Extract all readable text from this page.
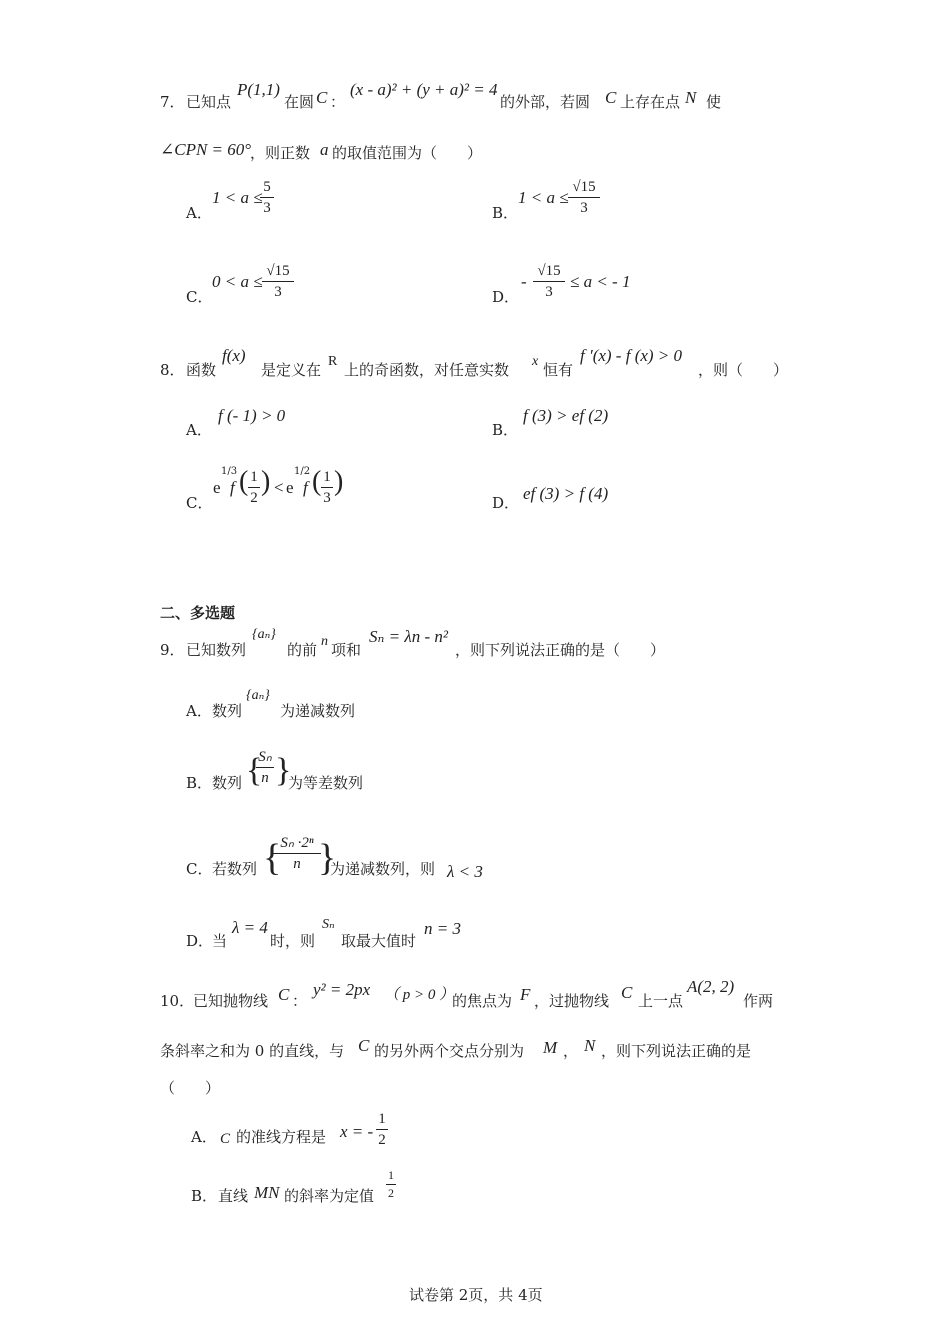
7． 已知点
P(1,1)
在圆 C ：
(x - a)² + (y + a)² = 4
的外部，若圆 C 上存在点 N 使
∠CPN = 60°
，则正数 a 的取值范围为（　　）
A．
1 < a ≤
5
3	B．
1 < a ≤
√15
3
C．
0 < a ≤
√15
3	D．
-
√15
3
≤ a < - 1
8． 函数
f(x)
是定义在 R 上的奇函数，对任意实数 x 恒有
f ′(x) - f (x) > 0
，则（　　）
A．
f (- 1) > 0
B．
f (3) > ef (2)
C．
e
1/3
f ( 1
2
) < e
1/2
f ( 1
3
)
D． ef (3) > f (4)
二、多选题
9． 已知数列
{aₙ}
的前 n 项和
Sₙ = λn - n²
，则下列说法正确的是（　　）
A． 数列
{aₙ}
为递减数列
B． 数列 {
Sₙ
n }
为等差数列
C． 若数列 { Sₙ ·2ⁿ
n }
为递减数列，则 λ < 3
D．
当
λ = 4
时，则
Sₙ
取最大值时
n = 3
10．
已知抛物线 C ：
y² = 2px （ p > 0 ）
的焦点为 F ，过抛物线 C 上一点
A(2, 2)
作两
条斜率之和为 0 的直线，与 C 的另外两个交点分别为 M ， N ，则下列说法正确的是
（　　）
A． C 的准线方程是 x = -
1
2
B． 直线 MN 的斜率为定值
1
2
试卷第 2页，共 4页
